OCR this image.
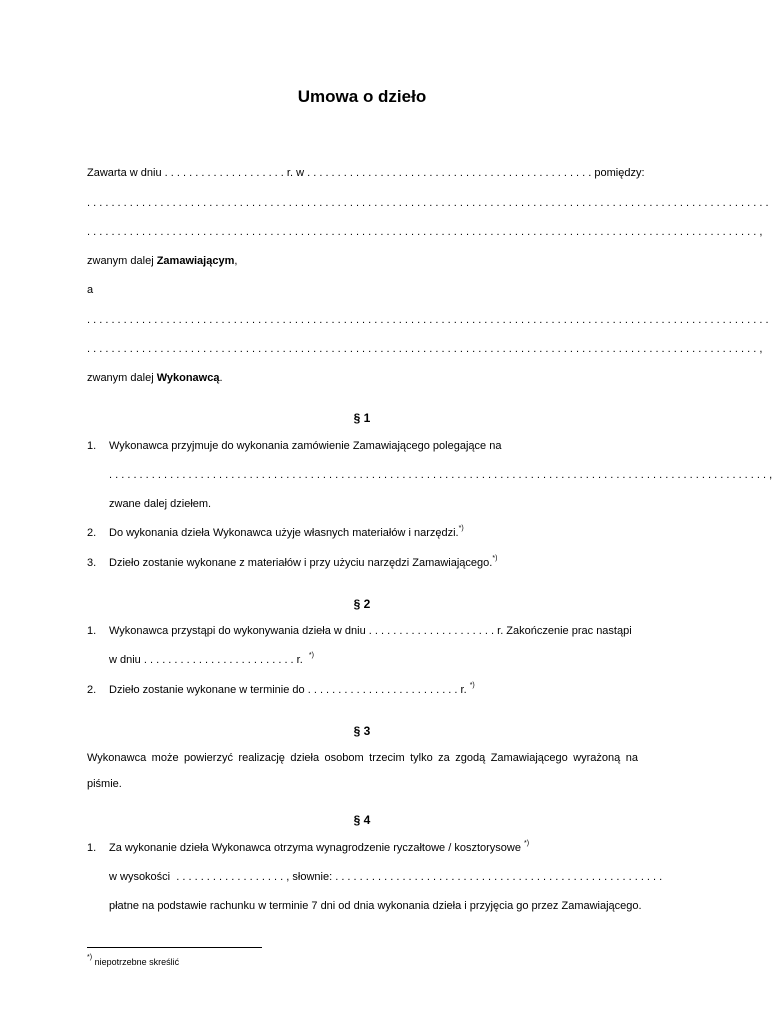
Umowa o dzieło
Zawarta w dniu . . . . . . . . . . . . . . . . . . . . r. w . . . . . . . . . . . . . . . . . . . . . . . . . . . . . . . . . . . . . . . . . . . . . . . pomiędzy:
. . . . . . . . . . . . . . . . . . . . . . . . . . . . . . . . . . . . . . . . . . . . . . . . . . . . . . . . . . . . . . . . . . . . . . . . . . . . . . . . . . . . . . . . . . . . . . . . . . . . . . . . . . . . . . . .
. . . . . . . . . . . . . . . . . . . . . . . . . . . . . . . . . . . . . . . . . . . . . . . . . . . . . . . . . . . . . . . . . . . . . . . . . . . . . . . . . . . . . . . . . . . . . . . . . . . . . . . . . . . . . . ,
zwanym dalej Zamawiającym,
a
. . . . . . . . . . . . . . . . . . . . . . . . . . . . . . . . . . . . . . . . . . . . . . . . . . . . . . . . . . . . . . . . . . . . . . . . . . . . . . . . . . . . . . . . . . . . . . . . . . . . . . . . . . . . . . . .
. . . . . . . . . . . . . . . . . . . . . . . . . . . . . . . . . . . . . . . . . . . . . . . . . . . . . . . . . . . . . . . . . . . . . . . . . . . . . . . . . . . . . . . . . . . . . . . . . . . . . . . . . . . . . . ,
zwanym dalej Wykonawcą.
§ 1
1. Wykonawca przyjmuje do wykonania zamówienie Zamawiającego polegające na
. . . . . . . . . . . . . . . . . . . . . . . . . . . . . . . . . . . . . . . . . . . . . . . . . . . . . . . . . . . . . . . . . . . . . . . . . . . . . . . . . . . . . . . . . . . . . . . . . . . . . . . . . . . . ,
zwane dalej dziełem.
2. Do wykonania dzieła Wykonawca użyje własnych materiałów i narzędzi.*)
3. Dzieło zostanie wykonane z materiałów i przy użyciu narzędzi Zamawiającego.*)
§ 2
1. Wykonawca przystąpi do wykonywania dzieła w dniu . . . . . . . . . . . . . . . . . . . . . r. Zakończenie prac nastąpi
w dniu . . . . . . . . . . . . . . . . . . . . . . . . . r. *)
2. Dzieło zostanie wykonane w terminie do . . . . . . . . . . . . . . . . . . . . . . . . . r. *)
§ 3
Wykonawca może powierzyć realizację dzieła osobom trzecim tylko za zgodą Zamawiającego wyrażoną na
piśmie.
§ 4
1. Za wykonanie dzieła Wykonawca otrzyma wynagrodzenie ryczałtowe / kosztorysowe *)
w wysokości . . . . . . . . . . . . . . . . . . , słownie: . . . . . . . . . . . . . . . . . . . . . . . . . . . . . . . . . . . . . . . . . . . . . . . . . . . . . .
płatne na podstawie rachunku w terminie 7 dni od dnia wykonania dzieła i przyjęcia go przez Zamawiającego.
*) niepotrzebne skreślić
